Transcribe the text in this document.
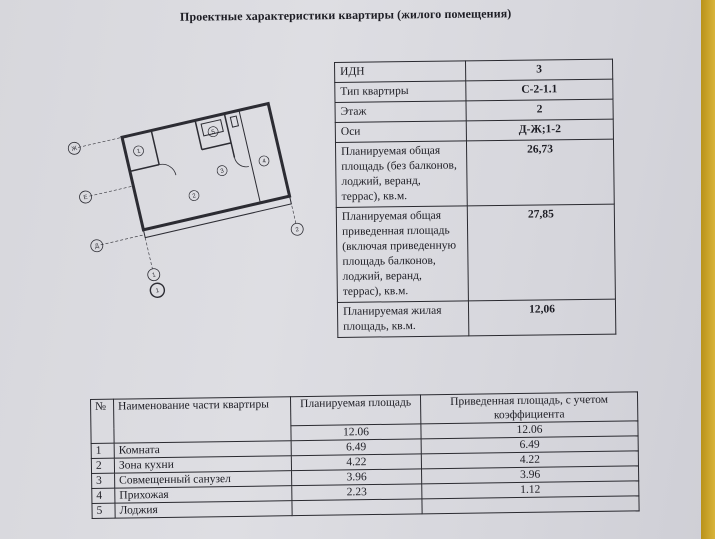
Проектные характеристики квартиры (жилого помещения)
Ж
Е
Д
1
2
1
2
3
4
5
1
ИДН	3
Тип квартиры	С-2-1.1
Этаж	2
Оси	Д-Ж;1-2
Планируемая общая площадь (без балконов, лоджий, веранд, террас), кв.м.	26,73
Планируемая общая приведенная площадь (включая приведенную площадь балконов, лоджий, веранд, террас), кв.м.	27,85
Планируемая жилая площадь, кв.м.	12,06
№	Наименование части квартиры	Планируемая площадь	Приведенная площадь, с учетом коэффициента
		12.06	12.06
1	Комната	6.49	6.49
2	Зона кухни	4.22	4.22
3	Совмещенный санузел	3.96	3.96
4	Прихожая	2.23	1.12
5	Лоджия		
